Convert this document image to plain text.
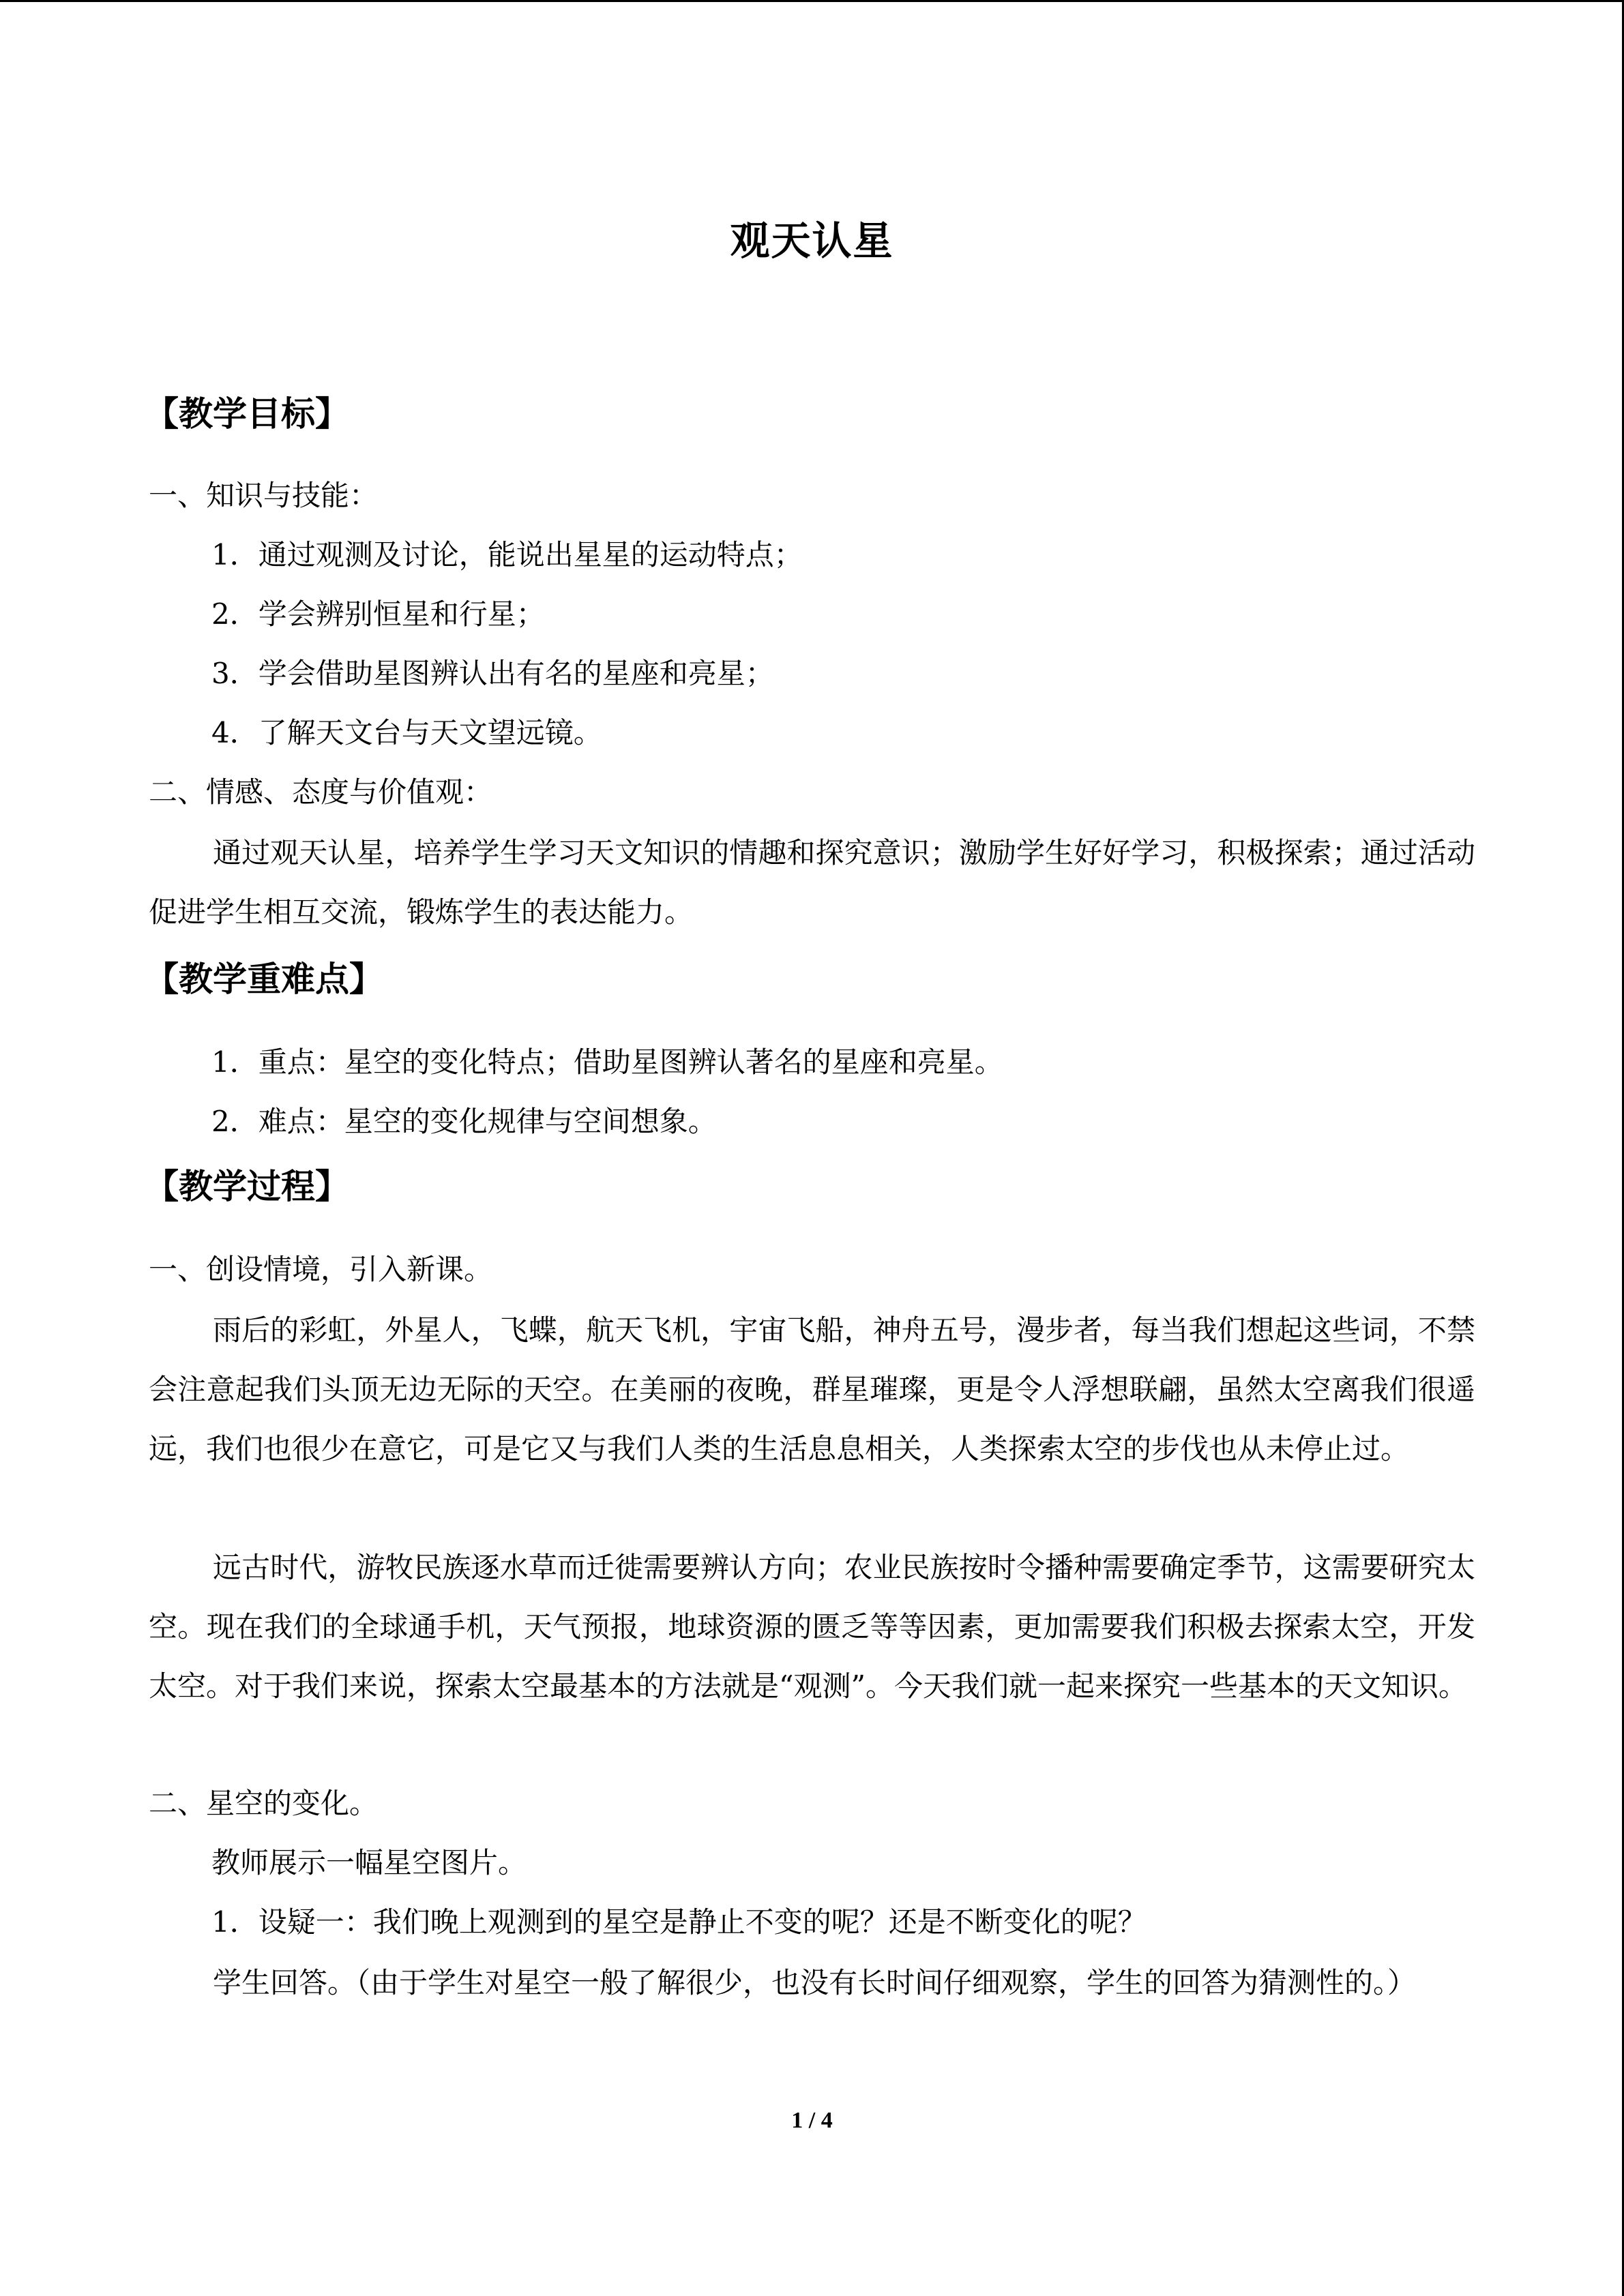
观天认星
【教学目标】
一、知识与技能：
1．通过观测及讨论，能说出星星的运动特点；
2．学会辨别恒星和行星；
3．学会借助星图辨认出有名的星座和亮星；
4．了解天文台与天文望远镜。
二、情感、态度与价值观：
通过观天认星，培养学生学习天文知识的情趣和探究意识；激励学生好好学习，积极探索；通过活动促进学生相互交流，锻炼学生的表达能力。
【教学重难点】
1．重点：星空的变化特点；借助星图辨认著名的星座和亮星。
2．难点：星空的变化规律与空间想象。
【教学过程】
一、创设情境，引入新课。
雨后的彩虹，外星人，飞蝶，航天飞机，宇宙飞船，神舟五号，漫步者，每当我们想起这些词，不禁会注意起我们头顶无边无际的天空。在美丽的夜晚，群星璀璨，更是令人浮想联翩，虽然太空离我们很遥远，我们也很少在意它，可是它又与我们人类的生活息息相关，人类探索太空的步伐也从未停止过。
远古时代，游牧民族逐水草而迁徙需要辨认方向；农业民族按时令播种需要确定季节，这需要研究太空。现在我们的全球通手机，天气预报，地球资源的匮乏等等因素，更加需要我们积极去探索太空，开发太空。对于我们来说，探索太空最基本的方法就是“观测”。今天我们就一起来探究一些基本的天文知识。
二、星空的变化。
教师展示一幅星空图片。
1．设疑一：我们晚上观测到的星空是静止不变的呢？还是不断变化的呢？
学生回答。（由于学生对星空一般了解很少，也没有长时间仔细观察，学生的回答为猜测性的。）
1 / 4
